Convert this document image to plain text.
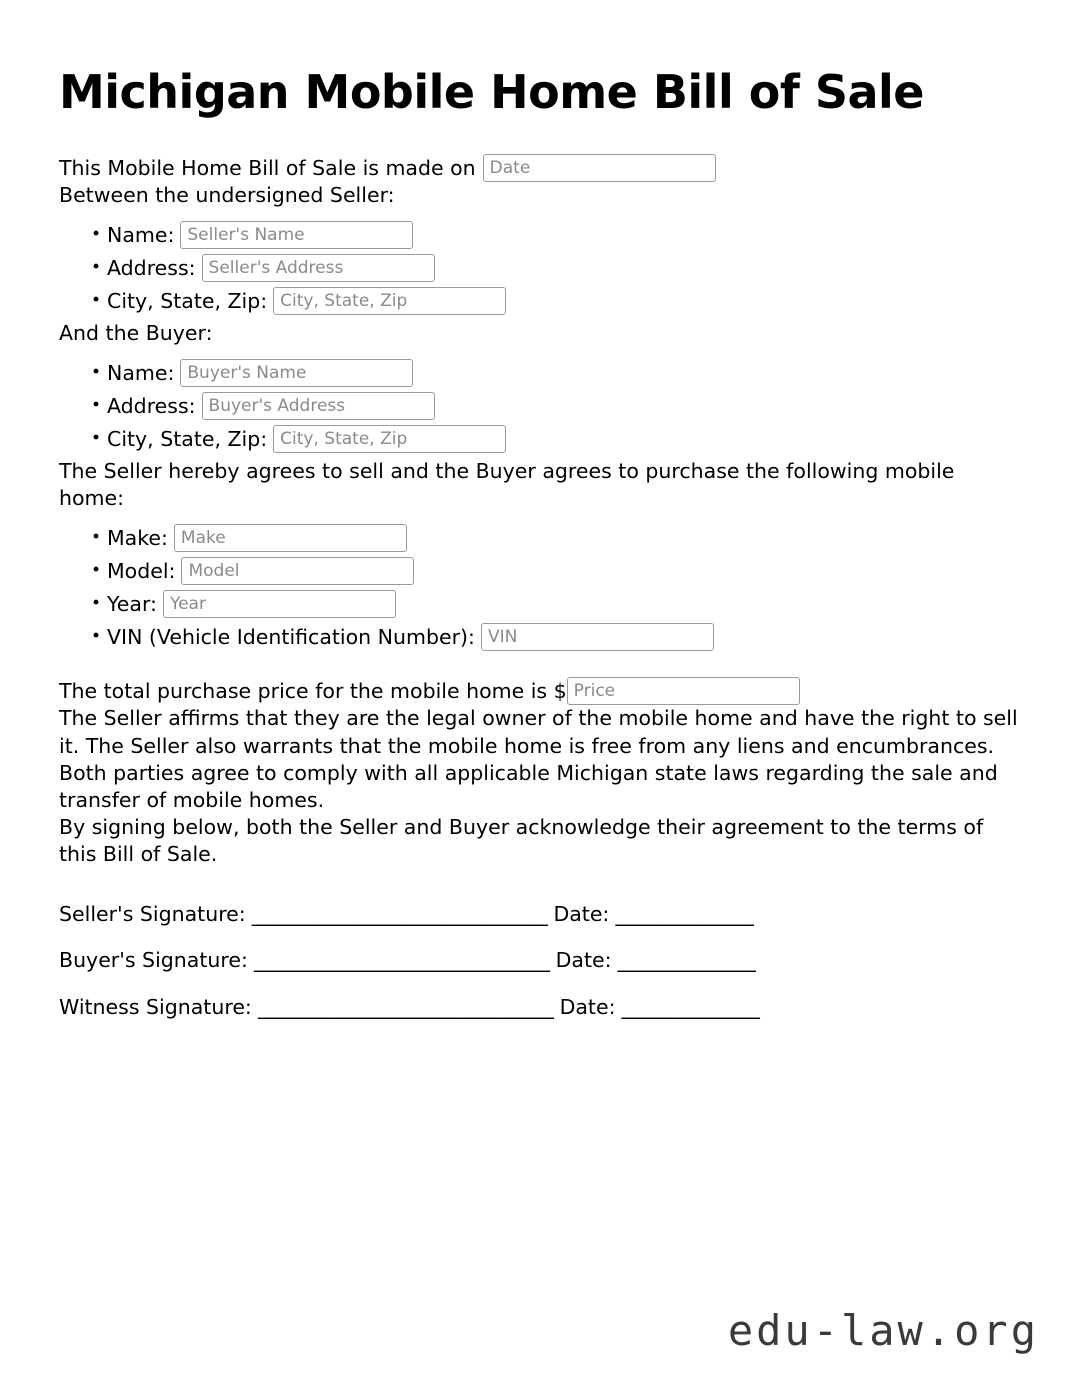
Michigan Mobile Home Bill of Sale
This Mobile Home Bill of Sale is made on
Date

Between the undersigned Seller:

• Name:
Seller's Name
• Address:
Seller's Address
• City, State, Zip:
City, State, Zip

And the Buyer:

• Name:
Buyer's Name
• Address:
Buyer's Address
• City, State, Zip:
City, State, Zip

The Seller hereby agrees to sell and the Buyer agrees to purchase the following mobile home:

• Make:
Make
• Model:
Model
• Year:
Year
• VIN (Vehicle Identification Number):
VIN
The total purchase price for the mobile home is $
Price

The Seller affirms that they are the legal owner of the mobile home and have the right to sell it. The Seller also warrants that the mobile home is free from any liens and encumbrances.

Both parties agree to comply with all applicable Michigan state laws regarding the sale and transfer of mobile homes.

By signing below, both the Seller and Buyer acknowledge their agreement to the terms of this Bill of Sale.

Seller's Signature: ______________________________ Date: ______________
Buyer's Signature: ______________________________ Date: ______________
Witness Signature: ______________________________ Date: ______________
edu-law.org
